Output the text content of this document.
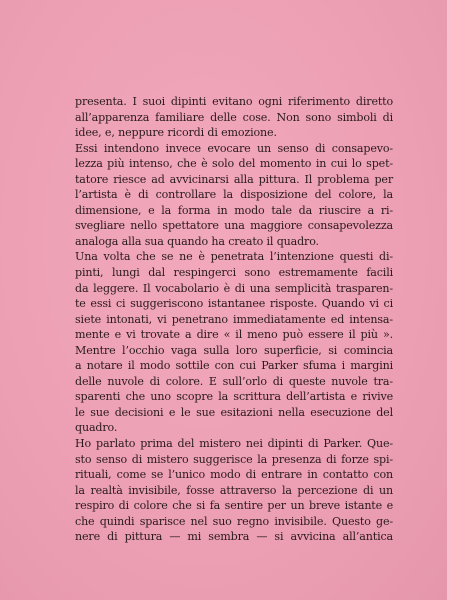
presenta. I suoi dipinti evitano ogni riferimento diretto
all’apparenza familiare delle cose. Non sono simboli di
idee, e, neppure ricordi di emozione.
Essi intendono invece evocare un senso di consapevo-
lezza più intenso, che è solo del momento in cui lo spet-
tatore riesce ad avvicinarsi alla pittura. Il problema per
l’artista è di controllare la disposizione del colore, la
dimensione, e la forma in modo tale da riuscire a ri-
svegliare nello spettatore una maggiore consapevolezza
analoga alla sua quando ha creato il quadro.
Una volta che se ne è penetrata l’intenzione questi di-
pinti, lungi dal respingerci sono estremamente facili
da leggere. Il vocabolario è di una semplicità trasparen-
te essi ci suggeriscono istantanee risposte. Quando vi ci
siete intonati, vi penetrano immediatamente ed intensa-
mente e vi trovate a dire « il meno può essere il più ».
Mentre l’occhio vaga sulla loro superficie, si comincia
a notare il modo sottile con cui Parker sfuma i margini
delle nuvole di colore. E sull’orlo di queste nuvole tra-
sparenti che uno scopre la scrittura dell’artista e rivive
le sue decisioni e le sue esitazioni nella esecuzione del
quadro.
Ho parlato prima del mistero nei dipinti di Parker. Que-
sto senso di mistero suggerisce la presenza di forze spi-
rituali, come se l’unico modo di entrare in contatto con
la realtà invisibile, fosse attraverso la percezione di un
respiro di colore che si fa sentire per un breve istante e
che quindi sparisce nel suo regno invisibile. Questo ge-
nere di pittura — mi sembra — si avvicina all’antica
